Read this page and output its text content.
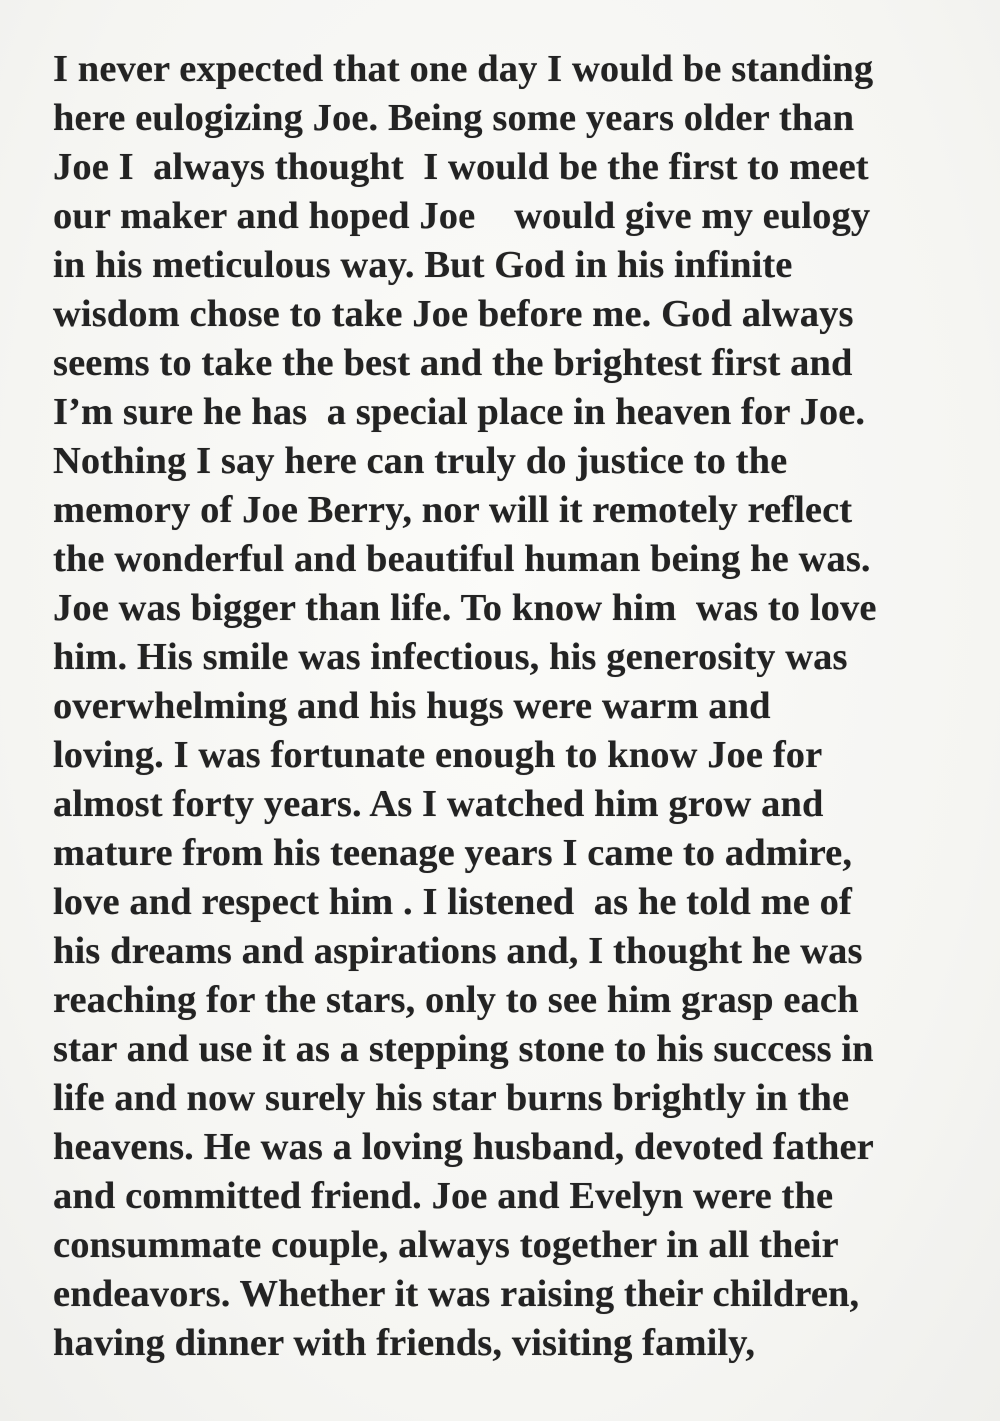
I never expected that one day I would be standing
here eulogizing Joe. Being some years older than
Joe I  always thought  I would be the first to meet
our maker and hoped Joe    would give my eulogy
in his meticulous way. But God in his infinite
wisdom chose to take Joe before me. God always
seems to take the best and the brightest first and
I’m sure he has  a special place in heaven for Joe.
Nothing I say here can truly do justice to the
memory of Joe Berry, nor will it remotely reflect
the wonderful and beautiful human being he was.
Joe was bigger than life. To know him  was to love
him. His smile was infectious, his generosity was
overwhelming and his hugs were warm and
loving. I was fortunate enough to know Joe for
almost forty years. As I watched him grow and
mature from his teenage years I came to admire,
love and respect him . I listened  as he told me of
his dreams and aspirations and, I thought he was
reaching for the stars, only to see him grasp each
star and use it as a stepping stone to his success in
life and now surely his star burns brightly in the
heavens. He was a loving husband, devoted father
and committed friend. Joe and Evelyn were the
consummate couple, always together in all their
endeavors. Whether it was raising their children,
having dinner with friends, visiting family,
